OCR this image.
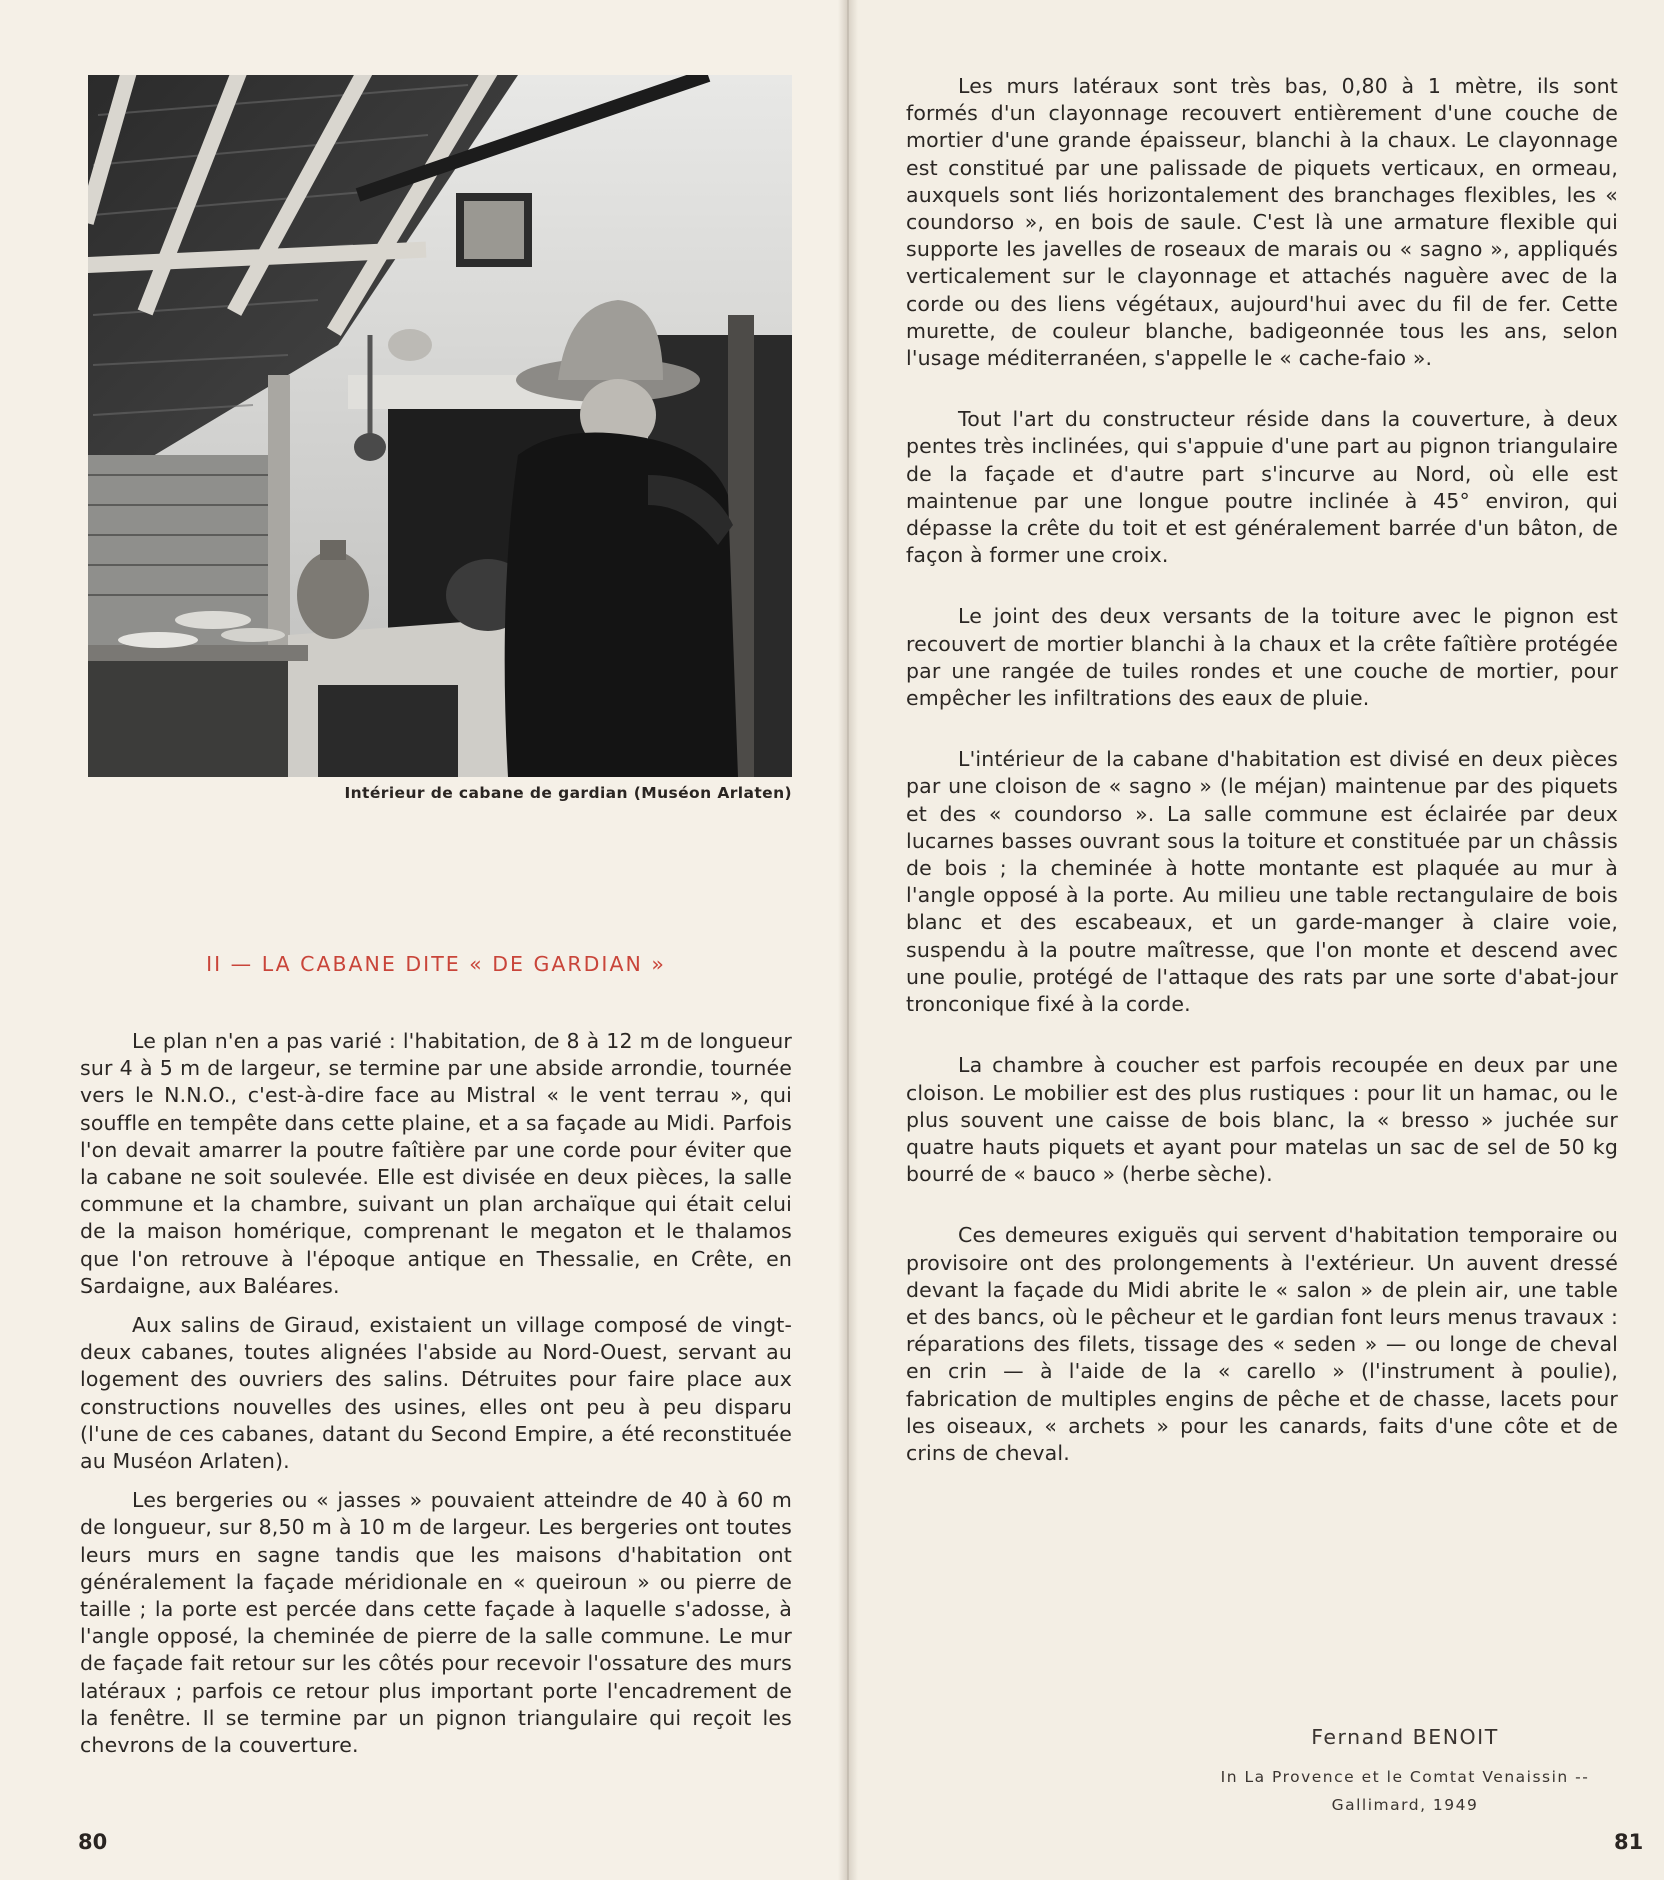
Intérieur de cabane de gardian (Muséon Arlaten)
II — LA CABANE DITE « DE GARDIAN »

Le plan n'en a pas varié : l'habitation, de 8 à 12 m de longueur sur 4 à 5 m de largeur, se termine par une abside arrondie, tournée vers le N.N.O., c'est-à-dire face au Mistral « le vent terrau », qui souffle en tempête dans cette plaine, et a sa façade au Midi. Parfois l'on devait amarrer la poutre faîtière par une corde pour éviter que la cabane ne soit soulevée. Elle est divisée en deux pièces, la salle commune et la chambre, suivant un plan archaïque qui était celui de la maison homérique, comprenant le megaton et le thalamos que l'on retrouve à l'époque antique en Thessalie, en Crête, en Sardaigne, aux Baléares.

Aux salins de Giraud, existaient un village composé de vingt-deux cabanes, toutes alignées l'abside au Nord-Ouest, servant au logement des ouvriers des salins. Détruites pour faire place aux constructions nouvelles des usines, elles ont peu à peu disparu (l'une de ces cabanes, datant du Second Empire, a été reconstituée au Muséon Arlaten).

Les bergeries ou « jasses » pouvaient atteindre de 40 à 60 m de longueur, sur 8,50 m à 10 m de largeur. Les bergeries ont toutes leurs murs en sagne tandis que les maisons d'habitation ont généralement la façade méridionale en « queiroun » ou pierre de taille ; la porte est percée dans cette façade à laquelle s'adosse, à l'angle opposé, la cheminée de pierre de la salle commune. Le mur de façade fait retour sur les côtés pour recevoir l'ossature des murs latéraux ; parfois ce retour plus important porte l'encadrement de la fenêtre. Il se termine par un pignon triangulaire qui reçoit les chevrons de la couverture.

80

Les murs latéraux sont très bas, 0,80 à 1 mètre, ils sont formés d'un clayonnage recouvert entièrement d'une couche de mortier d'une grande épaisseur, blanchi à la chaux. Le clayonnage est constitué par une palissade de piquets verticaux, en ormeau, auxquels sont liés horizontalement des branchages flexibles, les « coundorso », en bois de saule. C'est là une armature flexible qui supporte les javelles de roseaux de marais ou « sagno », appliqués verticalement sur le clayonnage et attachés naguère avec de la corde ou des liens végétaux, aujourd'hui avec du fil de fer. Cette murette, de couleur blanche, badigeonnée tous les ans, selon l'usage méditerranéen, s'appelle le « cache-faio ».

Tout l'art du constructeur réside dans la couverture, à deux pentes très inclinées, qui s'appuie d'une part au pignon triangulaire de la façade et d'autre part s'incurve au Nord, où elle est maintenue par une longue poutre inclinée à 45° environ, qui dépasse la crête du toit et est généralement barrée d'un bâton, de façon à former une croix.

Le joint des deux versants de la toiture avec le pignon est recouvert de mortier blanchi à la chaux et la crête faîtière protégée par une rangée de tuiles rondes et une couche de mortier, pour empêcher les infiltrations des eaux de pluie.

L'intérieur de la cabane d'habitation est divisé en deux pièces par une cloison de « sagno » (le méjan) maintenue par des piquets et des « coundorso ». La salle commune est éclairée par deux lucarnes basses ouvrant sous la toiture et constituée par un châssis de bois ; la cheminée à hotte montante est plaquée au mur à l'angle opposé à la porte. Au milieu une table rectangulaire de bois blanc et des escabeaux, et un garde-manger à claire voie, suspendu à la poutre maîtresse, que l'on monte et descend avec une poulie, protégé de l'attaque des rats par une sorte d'abat-jour tronconique fixé à la corde.

La chambre à coucher est parfois recoupée en deux par une cloison. Le mobilier est des plus rustiques : pour lit un hamac, ou le plus souvent une caisse de bois blanc, la « bresso » juchée sur quatre hauts piquets et ayant pour matelas un sac de sel de 50 kg bourré de « bauco » (herbe sèche).

Ces demeures exiguës qui servent d'habitation temporaire ou provisoire ont des prolongements à l'extérieur. Un auvent dressé devant la façade du Midi abrite le « salon » de plein air, une table et des bancs, où le pêcheur et le gardian font leurs menus travaux : réparations des filets, tissage des « seden » — ou longe de cheval en crin — à l'aide de la « carello » (l'instrument à poulie), fabrication de multiples engins de pêche et de chasse, lacets pour les oiseaux, « archets » pour les canards, faits d'une côte et de crins de cheval.

Fernand BENOIT
In La Provence et le Comtat Venaissin --
Gallimard, 1949
81
